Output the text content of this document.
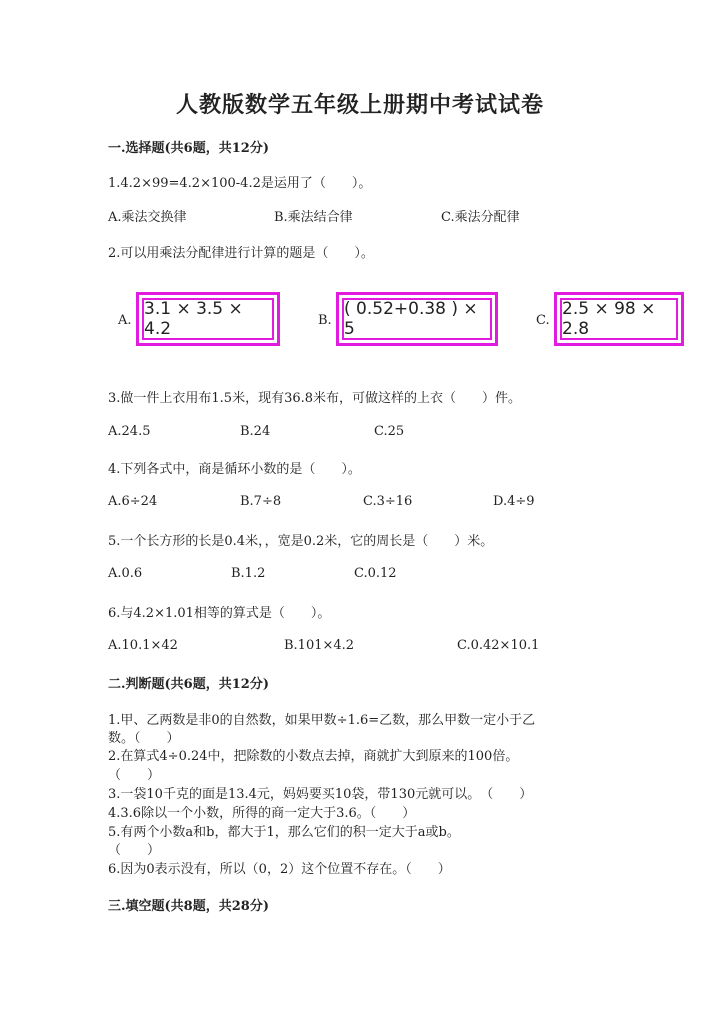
人教版数学五年级上册期中考试试卷
一.选择题(共6题，共12分)
1.4.2×99=4.2×100-4.2是运用了（　　）。
A.乘法交换律	B.乘法结合律	C.乘法分配律
2.可以用乘法分配律进行计算的题是（　　）。
A.
3.1 × 3.5 × 4.2	B.
( 0.52+0.38 ) × 5	C.
2.5 × 98 × 2.8
3.做一件上衣用布1.5米，现有36.8米布，可做这样的上衣（　　）件。
A.24.5	B.24	C.25
4.下列各式中，商是循环小数的是（　　）。
A.6÷24	B.7÷8	C.3÷16	D.4÷9
5.一个长方形的长是0.4米，，宽是0.2米，它的周长是（　　）米。
A.0.6	B.1.2	C.0.12
6.与4.2×1.01相等的算式是（　　）。
A.10.1×42	B.101×4.2	C.0.42×10.1
二.判断题(共6题，共12分)
1.甲、乙两数是非0的自然数，如果甲数÷1.6=乙数，那么甲数一定小于乙
数。（　　）
2.在算式4÷0.24中，把除数的小数点去掉，商就扩大到原来的100倍。
（　　）
3.一袋10千克的面是13.4元，妈妈要买10袋，带130元就可以。　（　　）
4.3.6除以一个小数，所得的商一定大于3.6。（　　）
5.有两个小数a和b，都大于1，那么它们的积一定大于a或b。
（　　）
6.因为0表示没有，所以（0，2）这个位置不存在。（　　）
三.填空题(共8题，共28分)
